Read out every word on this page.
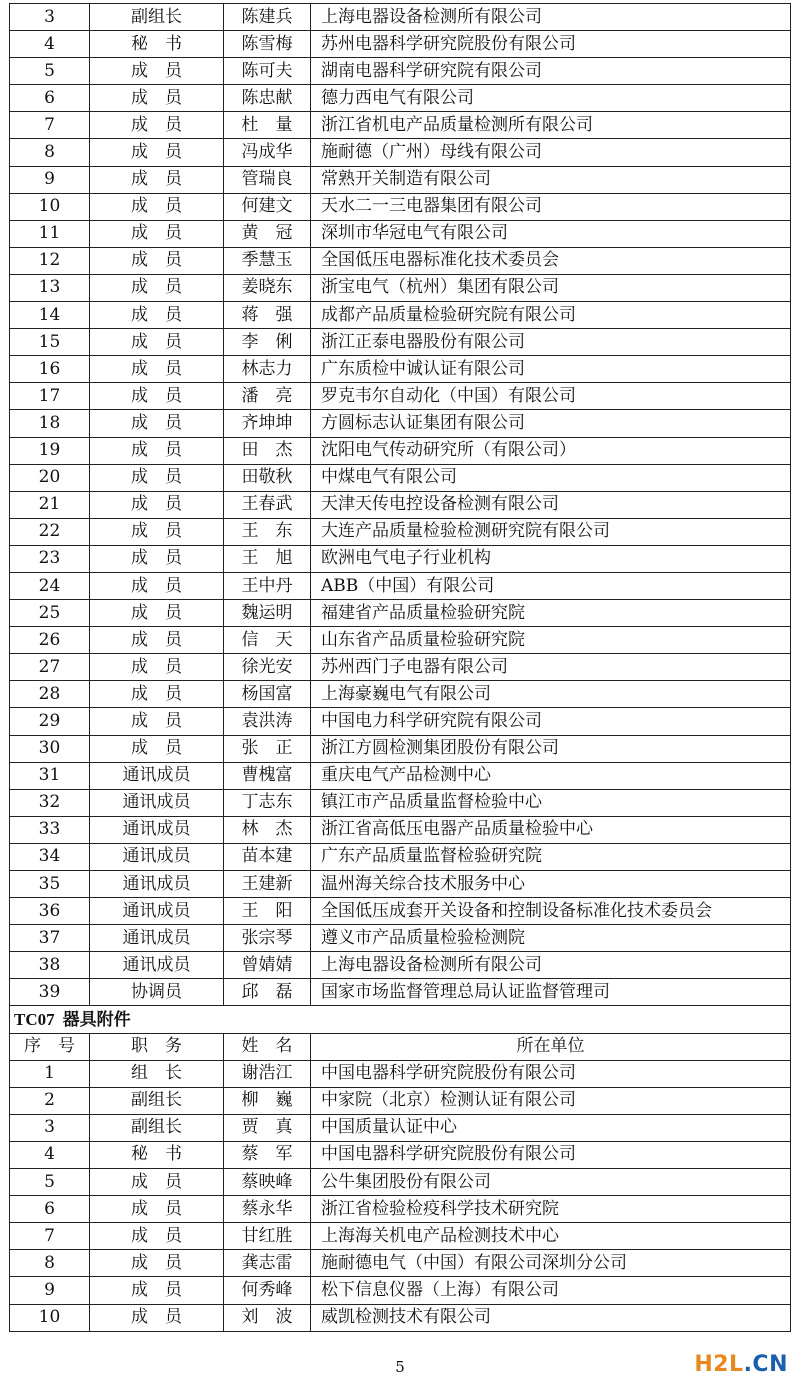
3	副组长	陈建兵	上海电器设备检测所有限公司
4	秘　书	陈雪梅	苏州电器科学研究院股份有限公司
5	成　员	陈可夫	湖南电器科学研究院有限公司
6	成　员	陈忠献	德力西电气有限公司
7	成　员	杜　量	浙江省机电产品质量检测所有限公司
8	成　员	冯成华	施耐德（广州）母线有限公司
9	成　员	管瑞良	常熟开关制造有限公司
10	成　员	何建文	天水二一三电器集团有限公司
11	成　员	黄　冠	深圳市华冠电气有限公司
12	成　员	季慧玉	全国低压电器标准化技术委员会
13	成　员	姜晓东	浙宝电气（杭州）集团有限公司
14	成　员	蒋　强	成都产品质量检验研究院有限公司
15	成　员	李　俐	浙江正泰电器股份有限公司
16	成　员	林志力	广东质检中诚认证有限公司
17	成　员	潘　亮	罗克韦尔自动化（中国）有限公司
18	成　员	齐坤坤	方圆标志认证集团有限公司
19	成　员	田　杰	沈阳电气传动研究所（有限公司）
20	成　员	田敬秋	中煤电气有限公司
21	成　员	王春武	天津天传电控设备检测有限公司
22	成　员	王　东	大连产品质量检验检测研究院有限公司
23	成　员	王　旭	欧洲电气电子行业机构
24	成　员	王中丹	ABB（中国）有限公司
25	成　员	魏运明	福建省产品质量检验研究院
26	成　员	信　天	山东省产品质量检验研究院
27	成　员	徐光安	苏州西门子电器有限公司
28	成　员	杨国富	上海豪巍电气有限公司
29	成　员	袁洪涛	中国电力科学研究院有限公司
30	成　员	张　正	浙江方圆检测集团股份有限公司
31	通讯成员	曹槐富	重庆电气产品检测中心
32	通讯成员	丁志东	镇江市产品质量监督检验中心
33	通讯成员	林　杰	浙江省高低压电器产品质量检验中心
34	通讯成员	苗本建	广东产品质量监督检验研究院
35	通讯成员	王建新	温州海关综合技术服务中心
36	通讯成员	王　阳	全国低压成套开关设备和控制设备标准化技术委员会
37	通讯成员	张宗琴	遵义市产品质量检验检测院
38	通讯成员	曾婧婧	上海电器设备检测所有限公司
39	协调员	邱　磊	国家市场监督管理总局认证监督管理司
TC07 器具附件			
序　号	职　务	姓　名	所在单位
1	组　长	谢浩江	中国电器科学研究院股份有限公司
2	副组长	柳　巍	中家院（北京）检测认证有限公司
3	副组长	贾　真	中国质量认证中心
4	秘　书	蔡　军	中国电器科学研究院股份有限公司
5	成　员	蔡映峰	公牛集团股份有限公司
6	成　员	蔡永华	浙江省检验检疫科学技术研究院
7	成　员	甘红胜	上海海关机电产品检测技术中心
8	成　员	龚志雷	施耐德电气（中国）有限公司深圳分公司
9	成　员	何秀峰	松下信息仪器（上海）有限公司
10	成　员	刘　波	威凯检测技术有限公司
5	H2L.CN
